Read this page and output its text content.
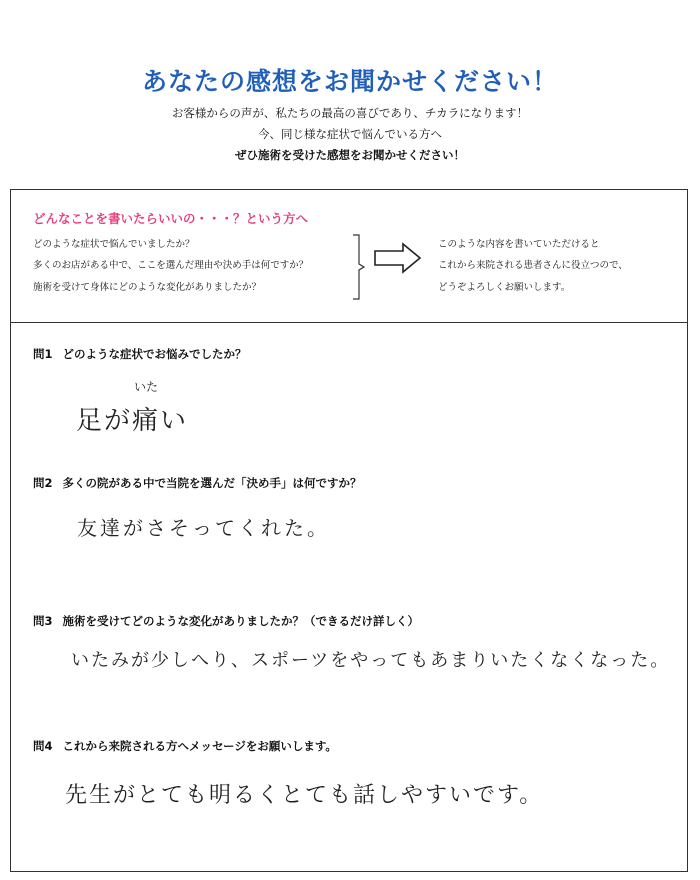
あなたの感想をお聞かせください！
お客様からの声が、私たちの最高の喜びであり、チカラになります！
今、同じ様な症状で悩んでいる方へ
ぜひ施術を受けた感想をお聞かせください！
どんなことを書いたらいいの・・・？という方へ
どのような症状で悩んでいましたか？
多くのお店がある中で、ここを選んだ理由や決め手は何ですか？
施術を受けて身体にどのような変化がありましたか？
このような内容を書いていただけると
これから来院される患者さんに役立つので、
どうぞよろしくお願いします。
問1 どのような症状でお悩みでしたか？
いた
足が痛い
問2 多くの院がある中で当院を選んだ「決め手」は何ですか？
友達がさそってくれた。
問3 施術を受けてどのような変化がありましたか？（できるだけ詳しく）
いたみが少しへり、スポーツをやってもあまりいたくなくなった。
問4 これから来院される方へメッセージをお願いします。
先生がとても明るくとても話しやすいです。
